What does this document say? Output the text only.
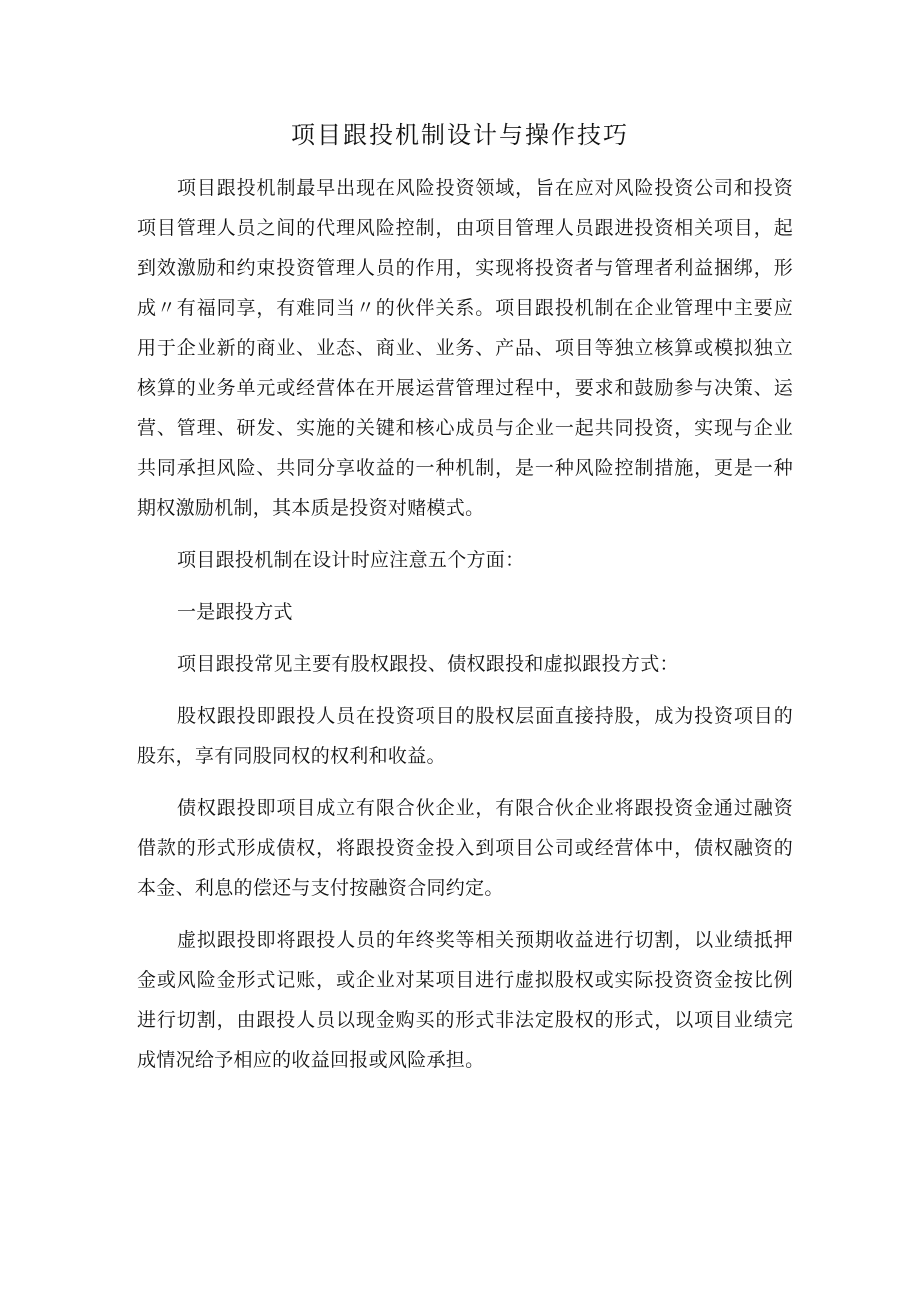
项目跟投机制设计与操作技巧

项目跟投机制最早出现在风险投资领域，旨在应对风险投资公司和投资项目管理人员之间的代理风险控制，由项目管理人员跟进投资相关项目，起到效激励和约束投资管理人员的作用，实现将投资者与管理者利益捆绑，形成〃有福同享，有难同当〃的伙伴关系。项目跟投机制在企业管理中主要应用于企业新的商业、业态、商业、业务、产品、项目等独立核算或模拟独立核算的业务单元或经营体在开展运营管理过程中，要求和鼓励参与决策、运营、管理、研发、实施的关键和核心成员与企业一起共同投资，实现与企业共同承担风险、共同分享收益的一种机制，是一种风险控制措施，更是一种期权激励机制，其本质是投资对赌模式。

项目跟投机制在设计时应注意五个方面：

一是跟投方式

项目跟投常见主要有股权跟投、债权跟投和虚拟跟投方式：

股权跟投即跟投人员在投资项目的股权层面直接持股，成为投资项目的股东，享有同股同权的权利和收益。

债权跟投即项目成立有限合伙企业，有限合伙企业将跟投资金通过融资借款的形式形成债权，将跟投资金投入到项目公司或经营体中，债权融资的本金、利息的偿还与支付按融资合同约定。

虚拟跟投即将跟投人员的年终奖等相关预期收益进行切割，以业绩抵押金或风险金形式记账，或企业对某项目进行虚拟股权或实际投资资金按比例进行切割，由跟投人员以现金购买的形式非法定股权的形式，以项目业绩完成情况给予相应的收益回报或风险承担。
